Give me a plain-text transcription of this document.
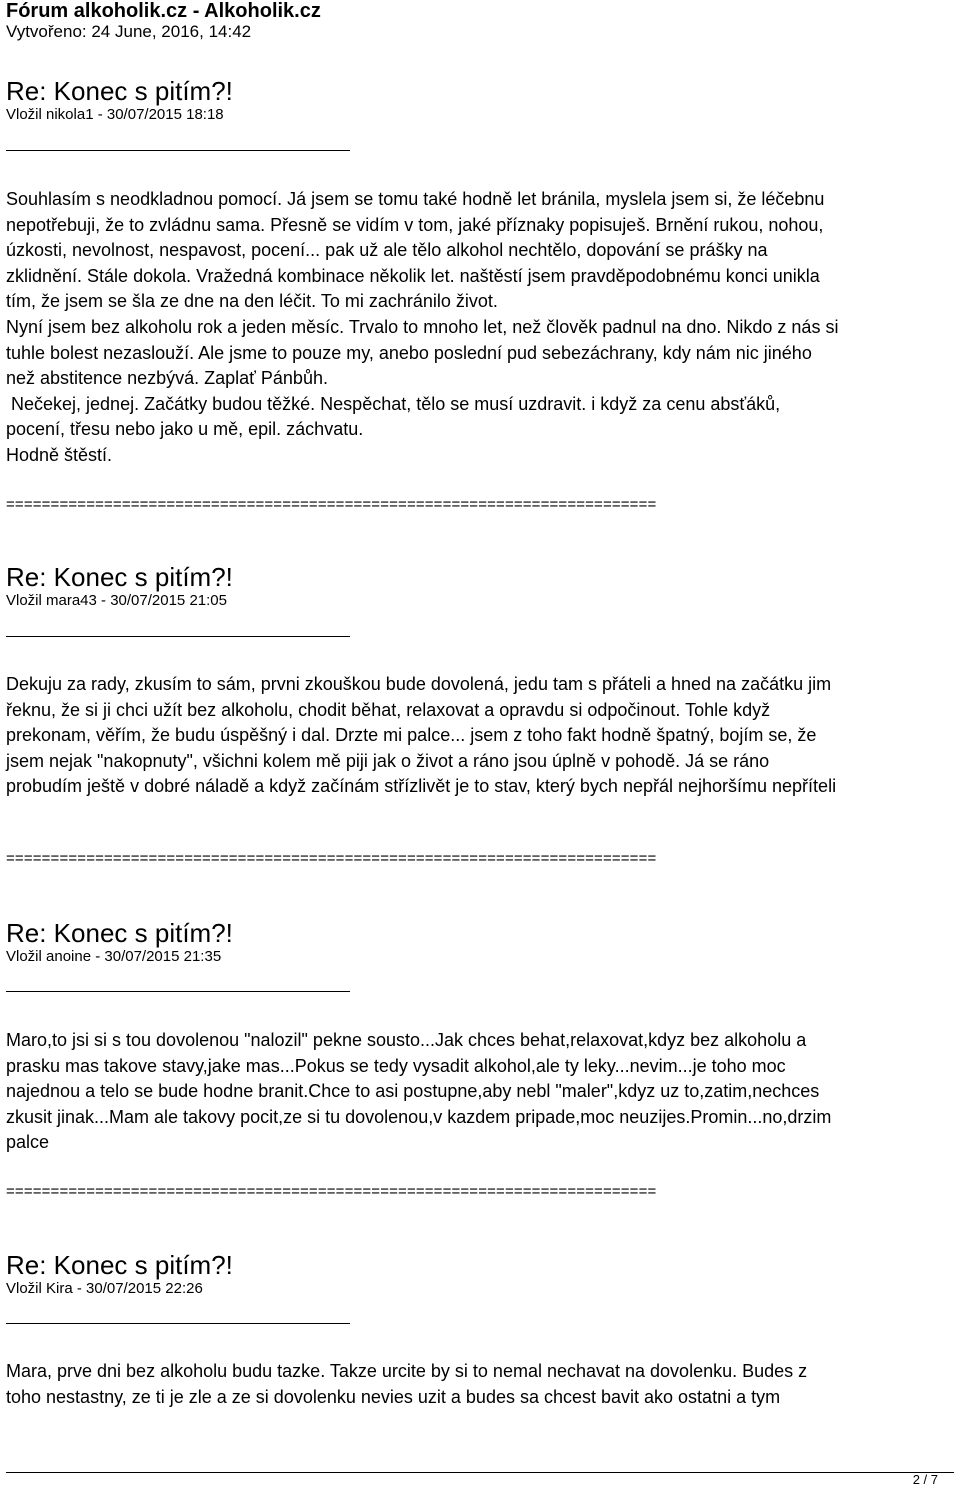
Fórum alkoholik.cz - Alkoholik.cz
Vytvořeno: 24 June, 2016, 14:42
Re: Konec s pitím?!
Vložil nikola1 - 30/07/2015 18:18

Souhlasím s neodkladnou pomocí. Já jsem se tomu také hodně let bránila, myslela jsem si, že léčebnu

nepotřebuji, že to zvládnu sama. Přesně se vidím v tom, jaké příznaky popisuješ. Brnění rukou, nohou,

úzkosti, nevolnost, nespavost, pocení... pak už ale tělo alkohol nechtělo, dopování se prášky na

zklidnění. Stále dokola. Vražedná kombinace několik let. naštěstí jsem pravděpodobnému konci unikla

tím, že jsem se šla ze dne na den léčit. To mi zachránilo život.

Nyní jsem bez alkoholu rok a jeden měsíc. Trvalo to mnoho let, než člověk padnul na dno. Nikdo z nás si

tuhle bolest nezaslouží. Ale jsme to pouze my, anebo poslední pud sebezáchrany, kdy nám nic jiného

než abstitence nezbývá. Zaplať Pánbůh.

Nečekej, jednej. Začátky budou těžké. Nespěchat, tělo se musí uzdravit. i když za cenu absťáků,

pocení, třesu nebo jako u mě, epil. záchvatu.

Hodně štěstí.

=========================================================================
Re: Konec s pitím?!
Vložil mara43 - 30/07/2015 21:05

Dekuju za rady, zkusím to sám, prvni zkouškou bude dovolená, jedu tam s přáteli a hned na začátku jim

řeknu, že si ji chci užít bez alkoholu, chodit běhat, relaxovat a opravdu si odpočinout. Tohle když

prekonam, věřím, že budu úspěšný i dal. Drzte mi palce... jsem z toho fakt hodně špatný, bojím se, že

jsem nejak "nakopnuty", všichni kolem mě piji jak o život a ráno jsou úplně v pohodě. Já se ráno

probudím ještě v dobré náladě a když začínám střízlivět je to stav, který bych nepřál nejhoršímu nepříteli

=========================================================================
Re: Konec s pitím?!
Vložil anoine - 30/07/2015 21:35

Maro,to jsi si s tou dovolenou "nalozil" pekne sousto...Jak chces behat,relaxovat,kdyz bez alkoholu a

prasku mas takove stavy,jake mas...Pokus se tedy vysadit alkohol,ale ty leky...nevim...je toho moc

najednou a telo se bude hodne branit.Chce to asi postupne,aby nebl "maler",kdyz uz to,zatim,nechces

zkusit jinak...Mam ale takovy pocit,ze si tu dovolenou,v kazdem pripade,moc neuzijes.Promin...no,drzim

palce

=========================================================================
Re: Konec s pitím?!
Vložil Kira - 30/07/2015 22:26

Mara, prve dni bez alkoholu budu tazke. Takze urcite by si to nemal nechavat na dovolenku. Budes z

toho nestastny, ze ti je zle a ze si dovolenku nevies uzit a budes sa chcest bavit ako ostatni a tym

2 / 7
